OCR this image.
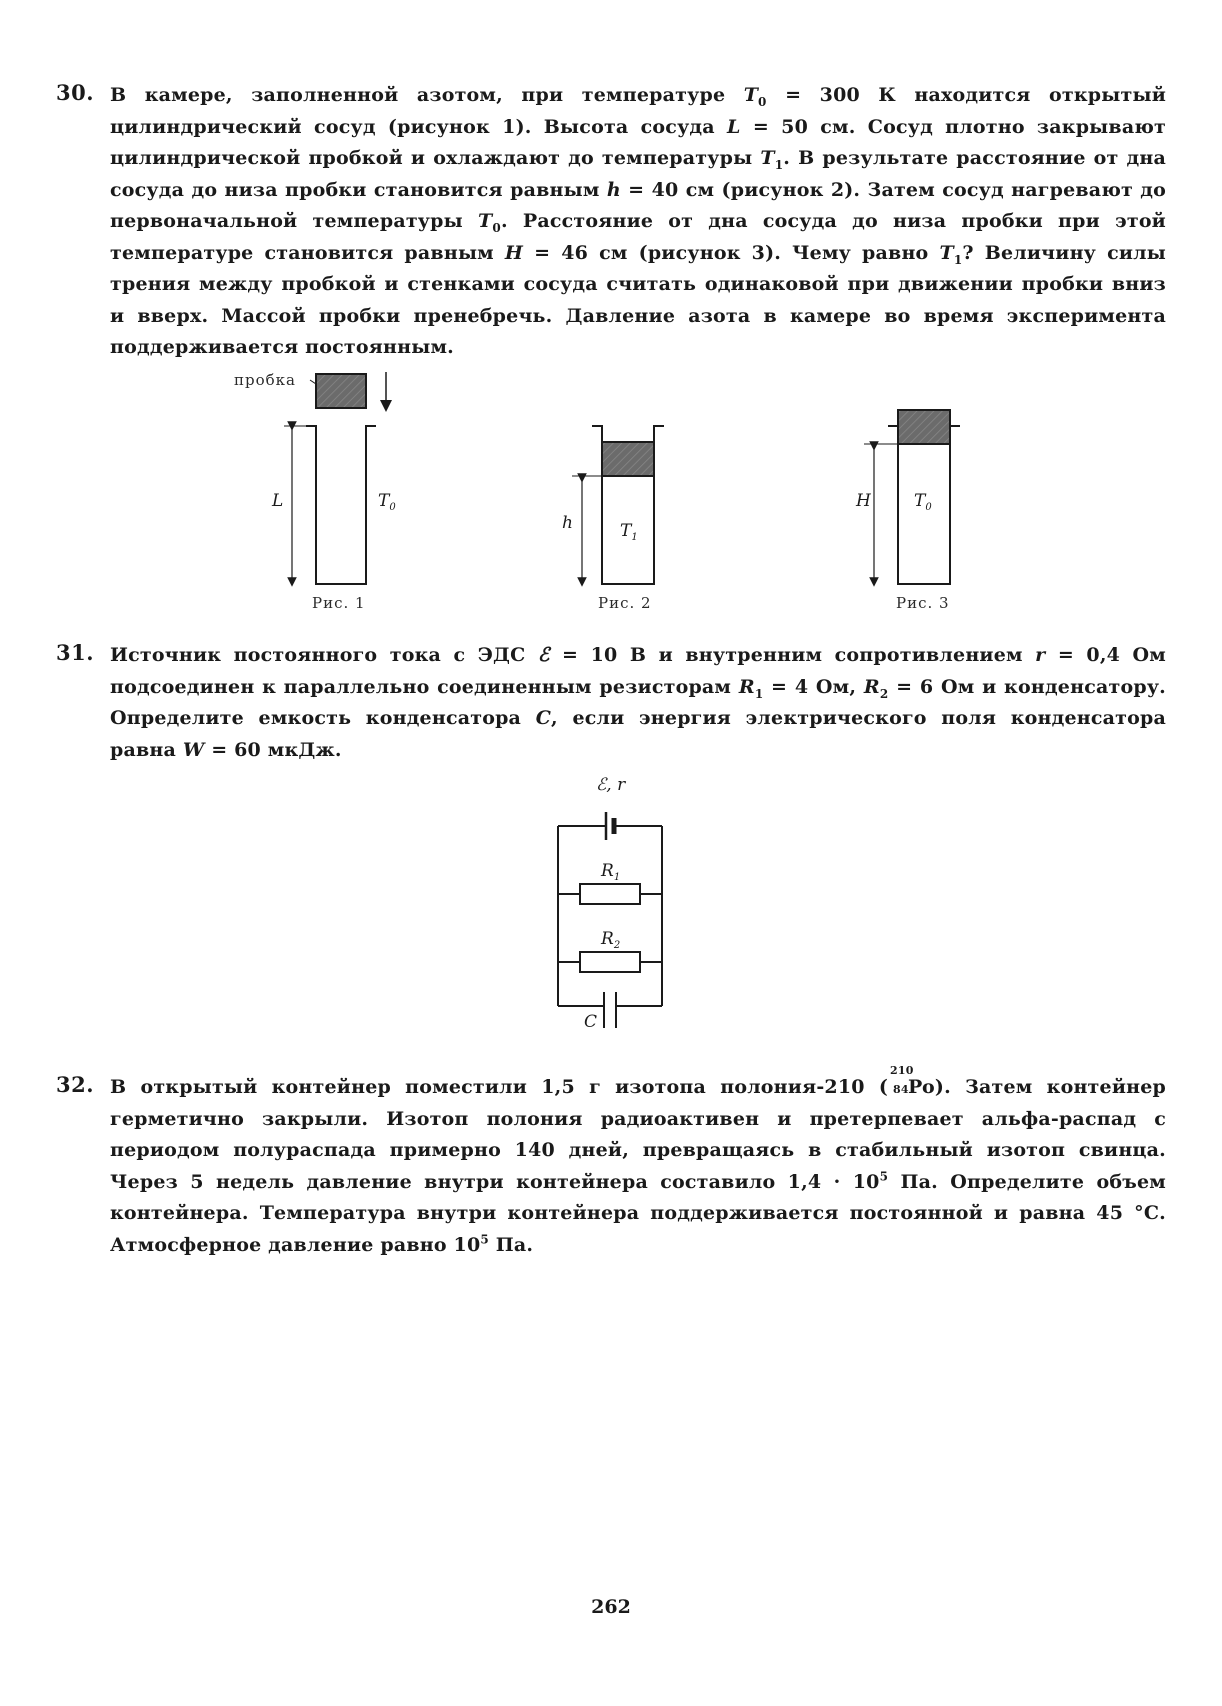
30. В камере, заполненной азотом, при температуре $T_0 = 300$ К находится открытый цилиндрический сосуд (рисунок 1). Высота сосуда L = 50 см. Сосуд плотно закрывают цилиндрической пробкой и охлаждают до температуры $T_1$. В результате расстояние от дна сосуда до низа пробки становится равным h = 40 см (рисунок 2). Затем сосуд нагревают до первоначальной температуры $T_0$. Расстояние от дна сосуда до низа пробки при этой температуре становится равным H = 46 см (рисунок 3). Чему равно $T_1$? Величину силы трения между пробкой и стенками сосуда считать одинаковой при движении пробки вниз и вверх. Массой пробки пренебречь. Давление азота в камере во время эксперимента поддерживается постоянным.
пробка
L	$T_0$
Рис. 1
h	$T_1$
Рис. 2
H	$T_0$
Рис. 3
31. Источник постоянного тока с ЭДС ℰ = 10 В и внутренним сопротивлением r = 0,4 Ом подсоединен к параллельно соединенным резисторам $R_1 = 4$ Ом, $R_2 = 6$ Ом и конденсатору. Определите емкость конденсатора C, если энергия электрического поля конденсатора равна W = 60 мкДж.
ℰ, r
$R_1$
$R_2$
C
32. В открытый контейнер поместили 1,5 г изотопа полония-210 (
210
84 Po). Затем контейнер герметично закрыли. Изотоп полония радиоактивен и претерпевает альфа-распад с периодом полураспада примерно 140 дней, превращаясь в стабильный изотоп свинца. Через 5 недель давление внутри контейнера составило $1,4 \cdot 10^5$ Па. Определите объем контейнера. Температура внутри контейнера поддерживается постоянной и равна 45 °С. Атмосферное давление равно $10^5$ Па.
262
